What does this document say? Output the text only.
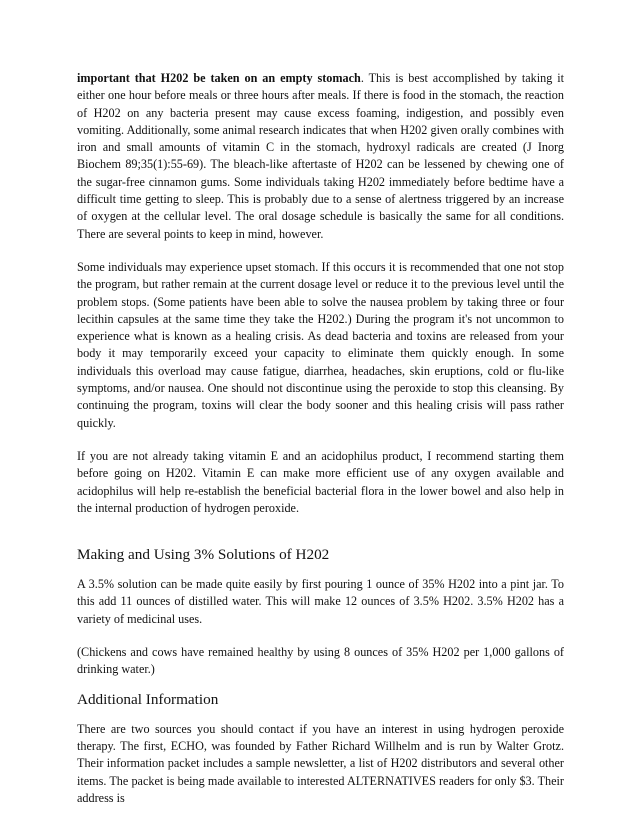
important that H202 be taken on an empty stomach. This is best accomplished by taking it either one hour before meals or three hours after meals. If there is food in the stomach, the reaction of H202 on any bacteria present may cause excess foaming, indigestion, and possibly even vomiting. Additionally, some animal research indicates that when H202 given orally combines with iron and small amounts of vitamin C in the stomach, hydroxyl radicals are created (J Inorg Biochem 89;35(1):55-69). The bleach-like aftertaste of H202 can be lessened by chewing one of the sugar-free cinnamon gums. Some individuals taking H202 immediately before bedtime have a difficult time getting to sleep. This is probably due to a sense of alertness triggered by an increase of oxygen at the cellular level. The oral dosage schedule is basically the same for all conditions. There are several points to keep in mind, however.

Some individuals may experience upset stomach. If this occurs it is recommended that one not stop the program, but rather remain at the current dosage level or reduce it to the previous level until the problem stops. (Some patients have been able to solve the nausea problem by taking three or four lecithin capsules at the same time they take the H202.) During the program it's not uncommon to experience what is known as a healing crisis. As dead bacteria and toxins are released from your body it may temporarily exceed your capacity to eliminate them quickly enough. In some individuals this overload may cause fatigue, diarrhea, headaches, skin eruptions, cold or flu-like symptoms, and/or nausea. One should not discontinue using the peroxide to stop this cleansing. By continuing the program, toxins will clear the body sooner and this healing crisis will pass rather quickly.

If you are not already taking vitamin E and an acidophilus product, I recommend starting them before going on H202. Vitamin E can make more efficient use of any oxygen available and acidophilus will help re-establish the beneficial bacterial flora in the lower bowel and also help in the internal production of hydrogen peroxide.

Making and Using 3% Solutions of H202

A 3.5% solution can be made quite easily by first pouring 1 ounce of 35% H202 into a pint jar. To this add 11 ounces of distilled water. This will make 12 ounces of 3.5% H202. 3.5% H202 has a variety of medicinal uses.

(Chickens and cows have remained healthy by using 8 ounces of 35% H202 per 1,000 gallons of drinking water.)

Additional Information

There are two sources you should contact if you have an interest in using hydrogen peroxide therapy. The first, ECHO, was founded by Father Richard Willhelm and is run by Walter Grotz. Their information packet includes a sample newsletter, a list of H202 distributors and several other items. The packet is being made available to interested ALTERNATIVES readers for only $3. Their address is
